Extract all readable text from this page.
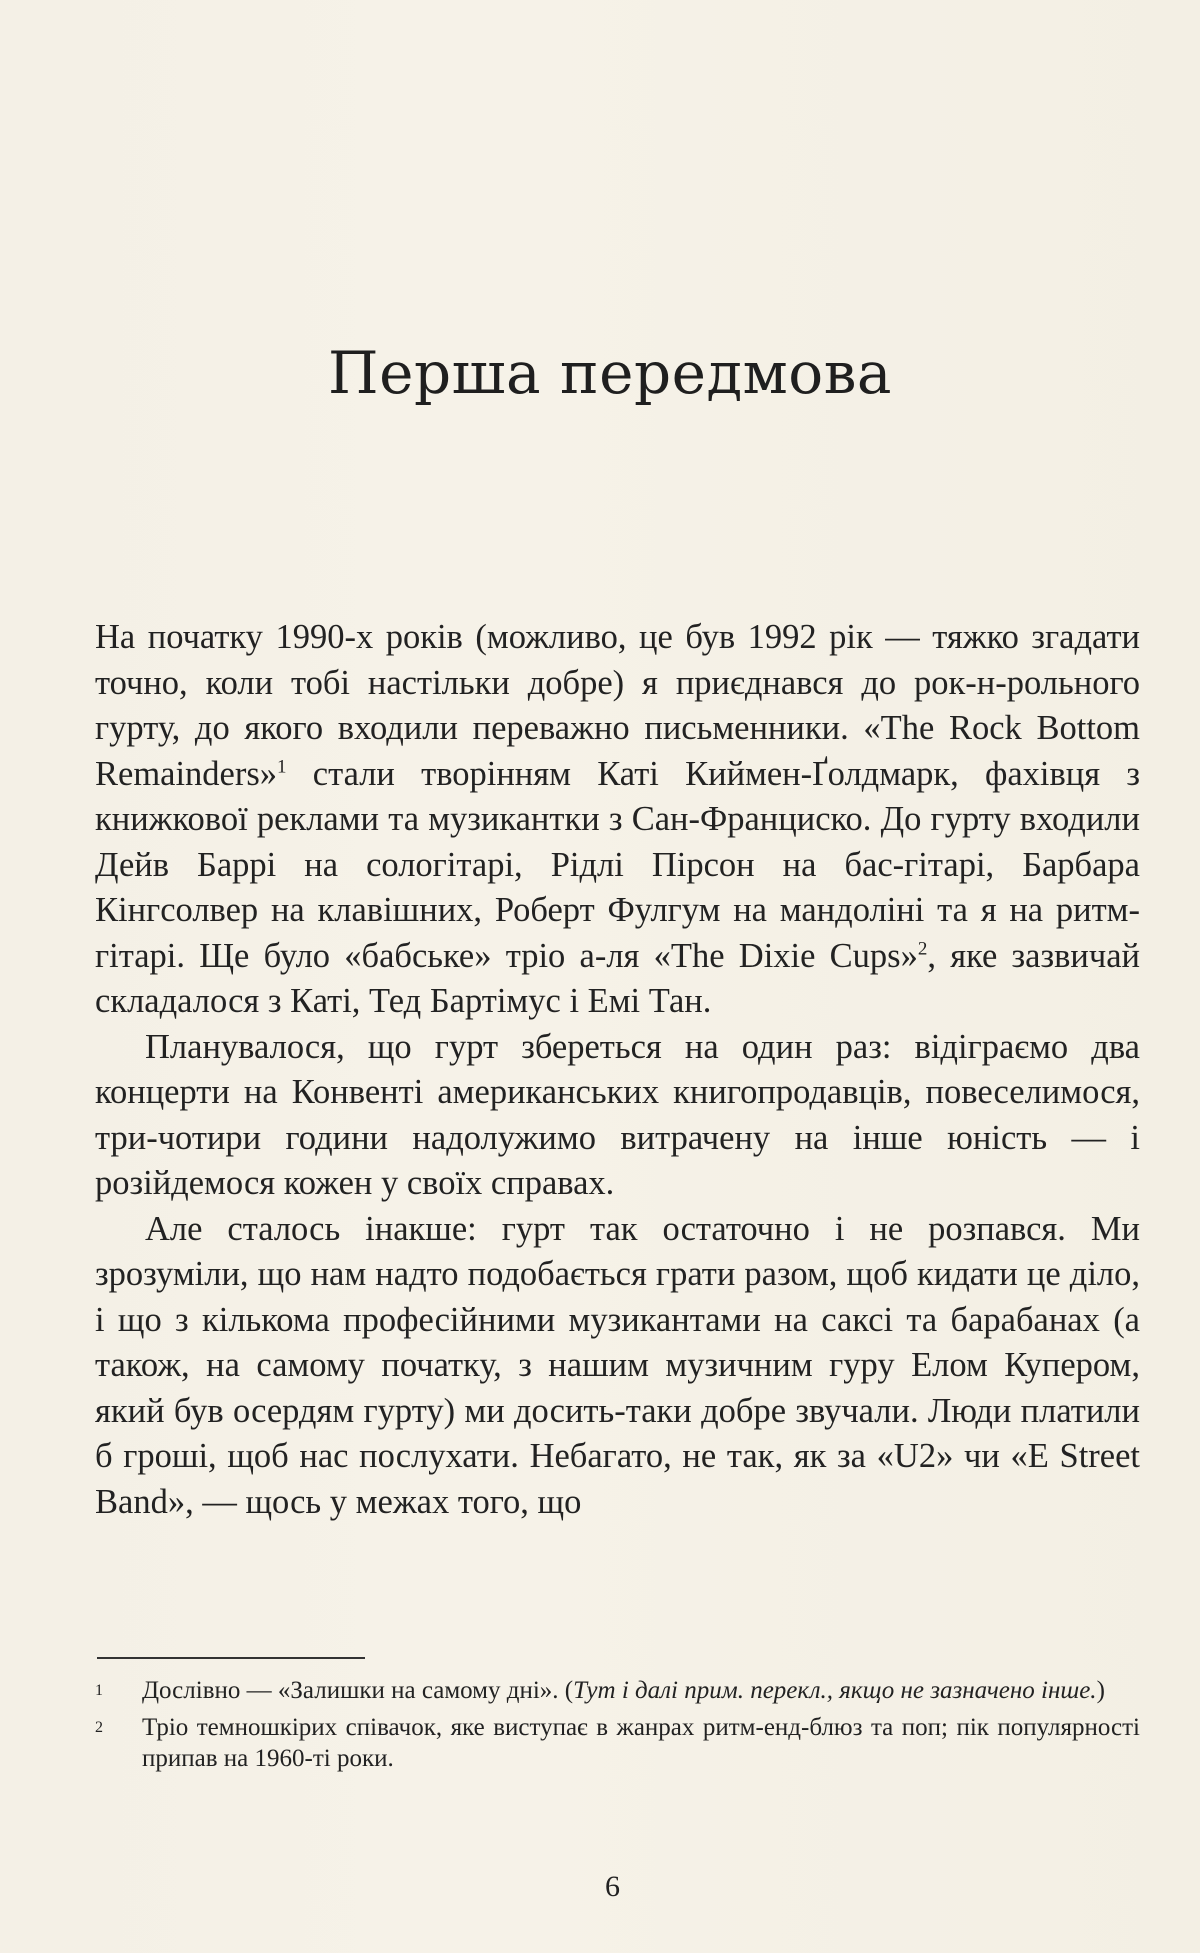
Перша передмова

На початку 1990-х років (можливо, це був 1992 рік — тяжко згадати точно, коли тобі настільки добре) я приєднався до рок-н-рольного гурту, до якого входили переважно письменники. «The Rock Bottom Remainders»$^1$ стали творінням Каті Киймен-Ґолдмарк, фахівця з книжкової реклами та музикантки з Сан-Франциско. До гурту входили Дейв Баррі на сологітарі, Рідлі Пірсон на бас-гітарі, Барбара Кінгсолвер на клавішних, Роберт Фулгум на мандоліні та я на ритм-гітарі. Ще було «бабське» тріо а-ля «The Dixie Cups»$^2$, яке зазвичай складалося з Каті, Тед Бартімус і Емі Тан.

Планувалося, що гурт збереться на один раз: відіграємо два концерти на Конвенті американських книгопродавців, повеселимося, три-чотири години надолужимо витрачену на інше юність — і розійдемося кожен у своїх справах.

Але сталось інакше: гурт так остаточно і не розпався. Ми зрозуміли, що нам надто подобається грати разом, щоб кидати це діло, і що з кількома професійними музикантами на саксі та барабанах (а також, на самому початку, з нашим музичним гуру Елом Купером, який був осердям гурту) ми досить-таки добре звучали. Люди платили б гроші, щоб нас послухати. Небагато, не так, як за «U2» чи «E Street Band», — щось у межах того, що

1 Дослівно — «Залишки на самому дні». (Тут і далі прим. перекл., якщо не зазначено інше.)
2 Тріо темношкірих співачок, яке виступає в жанрах ритм-енд-блюз та поп; пік популярності припав на 1960-ті роки.
6
